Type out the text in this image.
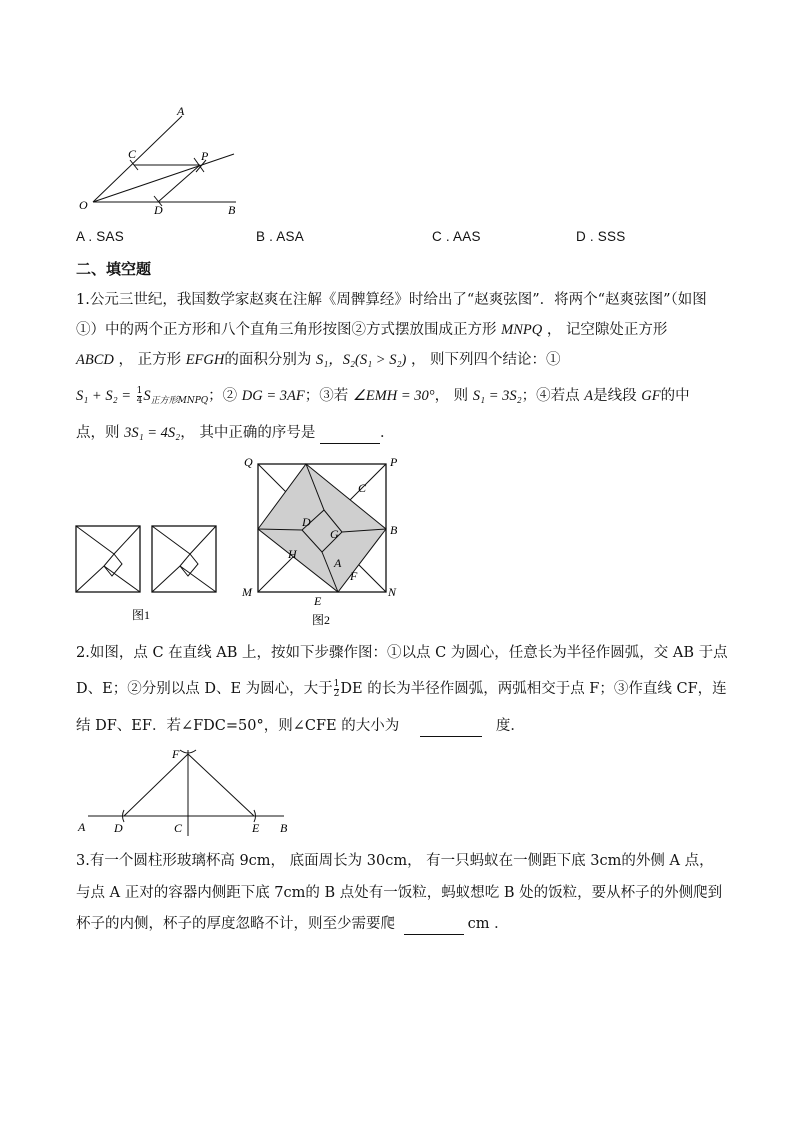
A
C	P
O	D	B
A . SAS	B . ASA	C . AAS	D . SSS
二、填空题
1.公元三世纪，我国数学家赵爽在注解《周髀算经》时给出了“赵爽弦图”．将两个“赵爽弦图”（如图
①）中的两个正方形和八个直角三角形按图②方式摆放围成正方形 MNPQ ， 记空隙处正方形
ABCD ， 正方形 EFGH的面积分别为 S₁，S₂(S₁ > S₂) ， 则下列四个结论：①
$S_1 + S_2 = \frac{1}{4} S_{正方形MNPQ}$；② DG = 3AF；③若 ∠EMH = 30°， 则 S₁ = 3S₂；④若点 A是线段 GF的中
点，则 3S₁ = 4S₂， 其中正确的序号是	．
图1
Q	P
C
D
G	B
H
A
F
M
E
N
图2
2.如图，点 C 在直线 AB 上，按如下步骤作图：①以点 C 为圆心，任意长为半径作圆弧，交 AB 于点
D、E；②分别以点 D、E 为圆心，大于 $\frac{1}{2}$ DE 的长为半径作圆弧，两弧相交于点 F；③作直线 CF，连
结 DF、EF．若∠FDC=50°，则∠CFE 的大小为	度．
F
A D	C	E B
3.有一个圆柱形玻璃杯高 9cm， 底面周长为 30cm， 有一只蚂蚁在一侧距下底 3cm的外侧 A 点，
与点 A 正对的容器内侧距下底 7cm的 B 点处有一饭粒，蚂蚁想吃 B 处的饭粒，要从杯子的外侧爬到
杯子的内侧，杯子的厚度忽略不计，则至少需要爬	cm ．
